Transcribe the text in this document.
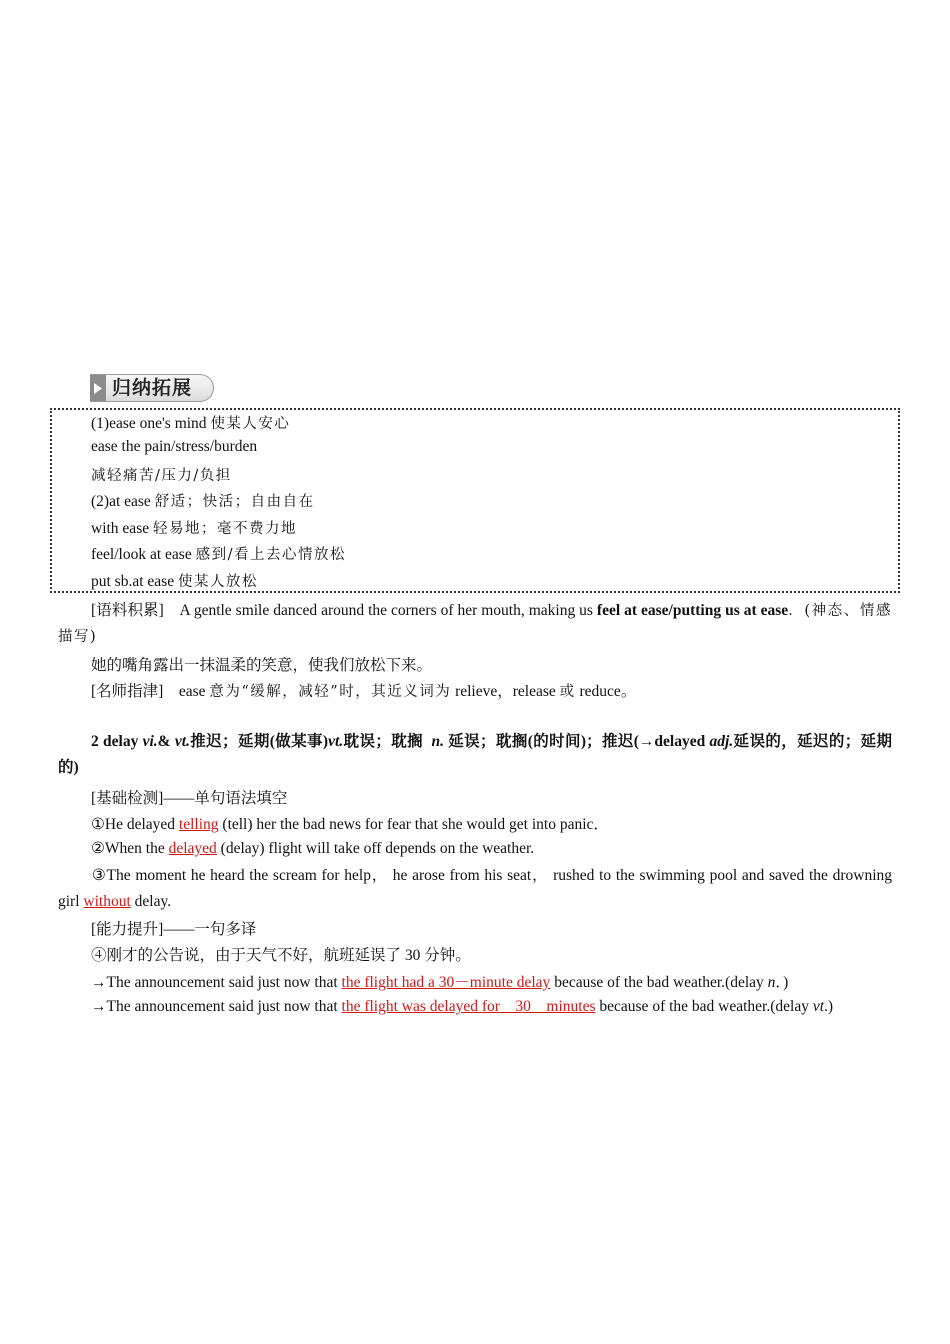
归纳拓展
(1)ease one's mind 使某人安心
ease the pain/stress/burden
减轻痛苦/压力/负担
(2)at ease 舒适；快活；自由自在
with ease 轻易地；毫不费力地
feel/look at ease 感到/看上去心情放松
put sb.at ease 使某人放松
[语料积累]　A gentle smile danced around the corners of her mouth, making us feel at ease/putting us at ease．(神态、情感描写)
她的嘴角露出一抹温柔的笑意，使我们放松下来。
[名师指津]　ease 意为“缓解，减轻”时，其近义词为 relieve，release 或 reduce。
2 delay vi.& vt.推迟；延期(做某事)vt.耽误；耽搁 n. 延误；耽搁(的时间)；推迟(→delayed adj.延误的，延迟的；延期的)
[基础检测]——单句语法填空
①He delayed telling (tell) her the bad news for fear that she would get into panic．
②When the delayed (delay) flight will take off depends on the weather.
③The moment he heard the scream for help， he arose from his seat， rushed to the swimming pool and saved the drowning girl without delay.
[能力提升]——一句多译
④刚才的公告说，由于天气不好，航班延误了 30 分钟。
→The announcement said just now that the flight had a 30－minute delay because of the bad weather.(delay n．)
→The announcement said just now that the flight was delayed for　30　minutes because of the bad weather.(delay vt.)
